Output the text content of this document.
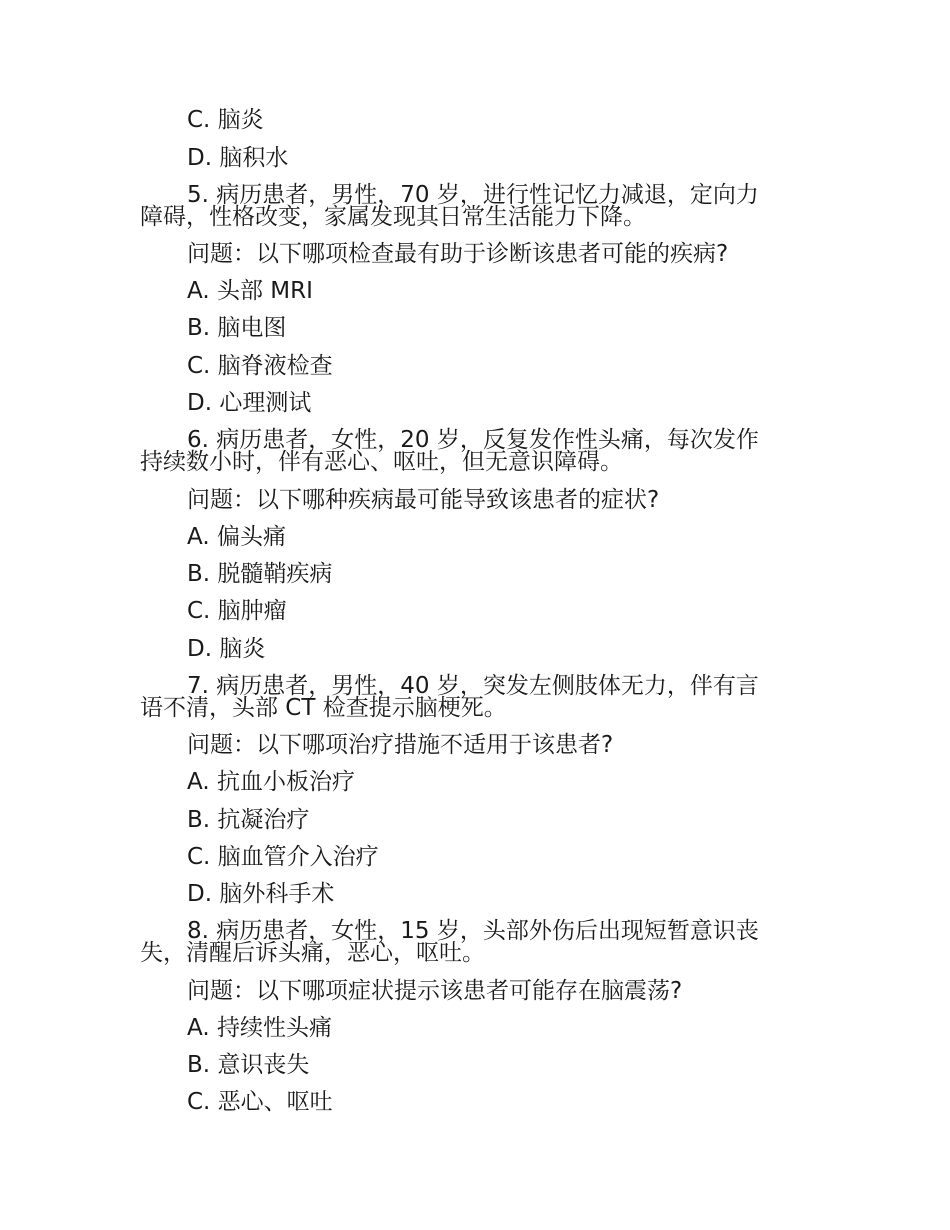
C. 脑炎
D. 脑积水
5. 病历患者，男性，70 岁，进行性记忆力减退，定向力
障碍，性格改变，家属发现其日常生活能力下降。
问题：以下哪项检查最有助于诊断该患者可能的疾病?
A. 头部 MRI
B. 脑电图
C. 脑脊液检查
D. 心理测试
6. 病历患者，女性，20 岁，反复发作性头痛，每次发作
持续数小时，伴有恶心、呕吐，但无意识障碍。
问题：以下哪种疾病最可能导致该患者的症状?
A. 偏头痛
B. 脱髓鞘疾病
C. 脑肿瘤
D. 脑炎
7. 病历患者，男性，40 岁，突发左侧肢体无力，伴有言
语不清，头部 CT 检查提示脑梗死。
问题：以下哪项治疗措施不适用于该患者?
A. 抗血小板治疗
B. 抗凝治疗
C. 脑血管介入治疗
D. 脑外科手术
8. 病历患者，女性，15 岁，头部外伤后出现短暂意识丧
失，清醒后诉头痛，恶心，呕吐。
问题：以下哪项症状提示该患者可能存在脑震荡?
A. 持续性头痛
B. 意识丧失
C. 恶心、呕吐
